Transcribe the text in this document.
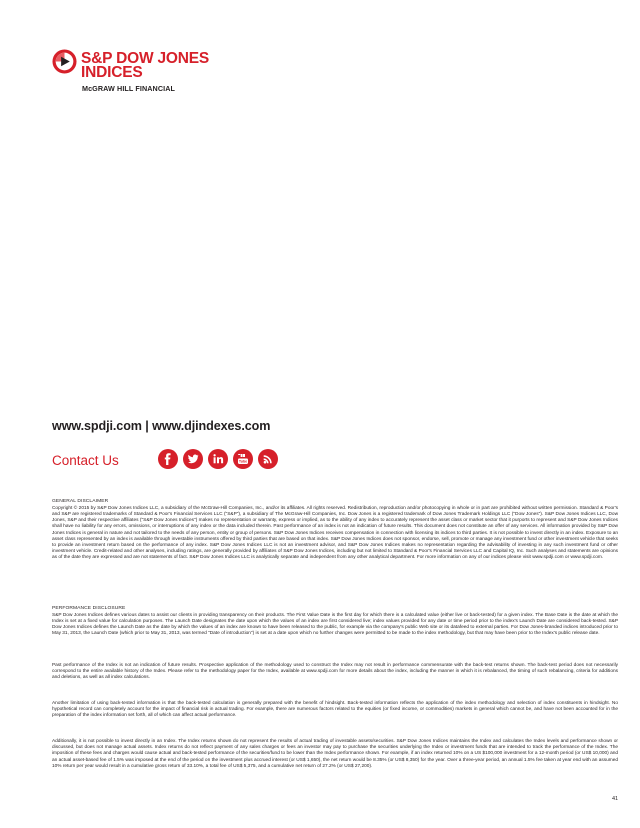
S&P DOW JONES
INDICES
McGRAW HILL FINANCIAL
www.spdji.com | www.djindexes.com
Contact Us	Tube
GENERAL DISCLAIMER

Copyright © 2015 by S&P Dow Jones Indices LLC, a subsidiary of the McGraw-Hill Companies, Inc., and/or its affiliates. All rights reserved. Redistribution, reproduction and/or photocopying in whole or in part are prohibited without written permission. Standard & Poor's and S&P are registered trademarks of Standard & Poor's Financial Services LLC ("S&P"), a subsidiary of The McGraw-Hill Companies, Inc. Dow Jones is a registered trademark of Dow Jones Trademark Holdings LLC ("Dow Jones"). S&P Dow Jones Indices LLC, Dow Jones, S&P and their respective affiliates ("S&P Dow Jones Indices") makes no representation or warranty, express or implied, as to the ability of any index to accurately represent the asset class or market sector that it purports to represent and S&P Dow Jones Indices shall have no liability for any errors, omissions, or interruptions of any index or the data included therein. Past performance of an index is not an indication of future results. This document does not constitute an offer of any services. All information provided by S&P Dow Jones Indices is general in nature and not tailored to the needs of any person, entity or group of persons. S&P Dow Jones Indices receives compensation in connection with licensing its indices to third parties. It is not possible to invest directly in an index. Exposure to an asset class represented by an index is available through investable instruments offered by third parties that are based on that index. S&P Dow Jones Indices does not sponsor, endorse, sell, promote or manage any investment fund or other investment vehicle that seeks to provide an investment return based on the performance of any index. S&P Dow Jones Indices LLC is not an investment advisor, and S&P Dow Jones Indices makes no representation regarding the advisability of investing in any such investment fund or other investment vehicle. Credit-related and other analyses, including ratings, are generally provided by affiliates of S&P Dow Jones Indices, including but not limited to Standard & Poor's Financial Services LLC and Capital IQ, Inc. Such analyses and statements are opinions as of the date they are expressed and are not statements of fact. S&P Dow Jones Indices LLC is analytically separate and independent from any other analytical department. For more information on any of our indices please visit www.spdji.com or www.spdji.com.

PERFORMANCE DISCLOSURE

S&P Dow Jones Indices defines various dates to assist our clients in providing transparency on their products. The First Value Date is the first day for which there is a calculated value (either live or back-tested) for a given index. The Base Date is the date at which the Index is set at a fixed value for calculation purposes. The Launch Date designates the date upon which the values of an index are first considered live; index values provided for any date or time period prior to the index's Launch Date are considered back-tested. S&P Dow Jones Indices defines the Launch Date as the date by which the values of an index are known to have been released to the public, for example via the company's public Web site or its datafeed to external parties. For Dow Jones-branded indices introduced prior to May 31, 2013, the Launch Date (which prior to May 31, 2013, was termed "Date of introduction") is set at a date upon which no further changes were permitted to be made to the index methodology, but that may have been prior to the Index's public release date.

Past performance of the Index is not an indication of future results. Prospective application of the methodology used to construct the Index may not result in performance commensurate with the back-test returns shown. The back-test period does not necessarily correspond to the entire available history of the Index. Please refer to the methodology paper for the Index, available at www.spdji.com for more details about the index, including the manner in which it is rebalanced, the timing of such rebalancing, criteria for additions and deletions, as well as all index calculations.

Another limitation of using back-tested information is that the back-tested calculation is generally prepared with the benefit of hindsight. Back-tested information reflects the application of the index methodology and selection of index constituents in hindsight. No hypothetical record can completely account for the impact of financial risk in actual trading. For example, there are numerous factors related to the equities (or fixed income, or commodities) markets in general which cannot be, and have not been accounted for in the preparation of the index information set forth, all of which can affect actual performance.

Additionally, it is not possible to invest directly in an Index. The Index returns shown do not represent the results of actual trading of investable assets/securities. S&P Dow Jones Indices maintains the Index and calculates the Index levels and performance shown or discussed, but does not manage actual assets. Index returns do not reflect payment of any sales charges or fees an investor may pay to purchase the securities underlying the Index or investment funds that are intended to track the performance of the Index. The imposition of these fees and charges would cause actual and back-tested performance of the securities/fund to be lower than the Index performance shown. For example, if an index returned 10% on a US $100,000 investment for a 12-month period (or US$ 10,000) and an actual asset-based fee of 1.5% was imposed at the end of the period on the investment plus accrued interest (or US$ 1,650), the net return would be 8.35% (or US$ 8,350) for the year. Over a three-year period, an annual 1.5% fee taken at year end with an assumed 10% return per year would result in a cumulative gross return of 33.10%, a total fee of US$ 5,375, and a cumulative net return of 27.2% (or US$ 27,200).

41
